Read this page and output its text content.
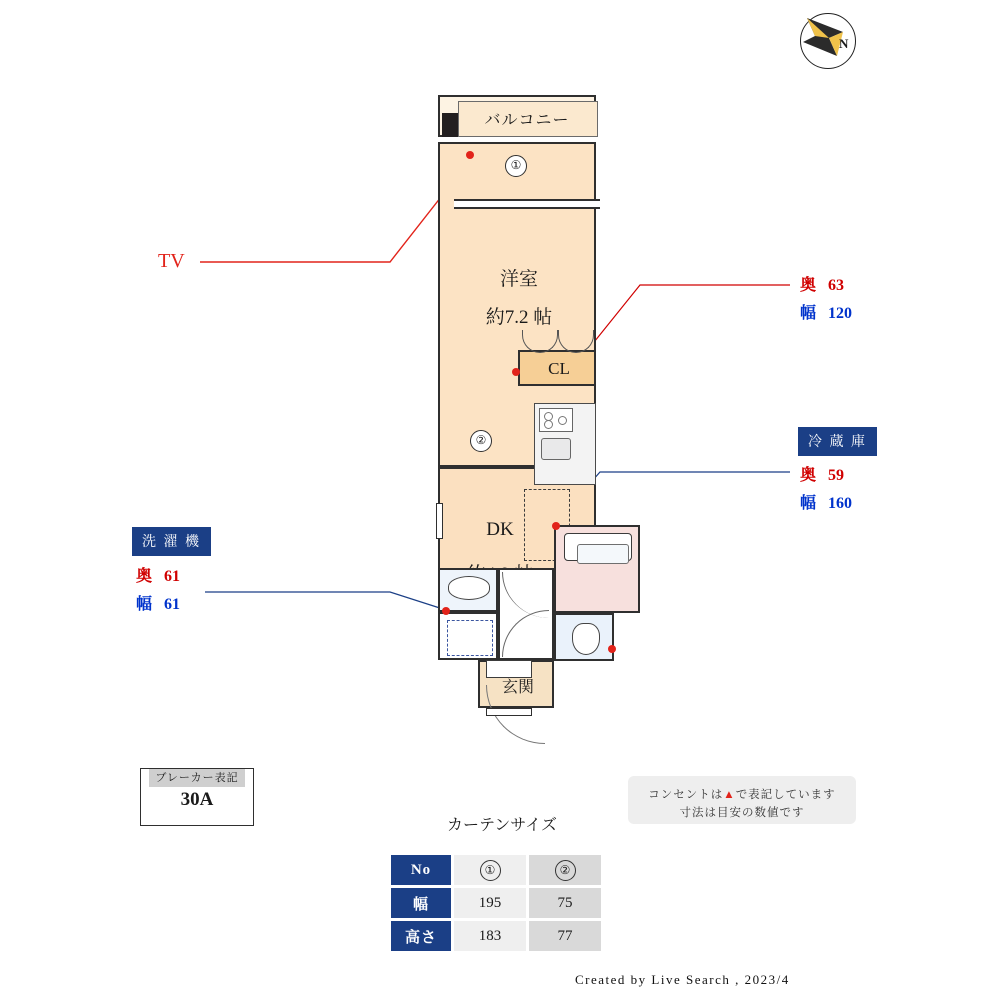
N
バルコニー
洋室
約7.2 帖
CL
DK
玄関
①
②
TV
奥 63
幅 120
冷 蔵 庫
奥 59
幅 160
洗 濯 機
奥 61
幅 61
ブレーカー表記
30A	コンセントは▲で表記しています
寸法は目安の数値です
カーテンサイズ
No	①	②
幅	195	75
高さ	183	77
Created by Live Search , 2023/4
